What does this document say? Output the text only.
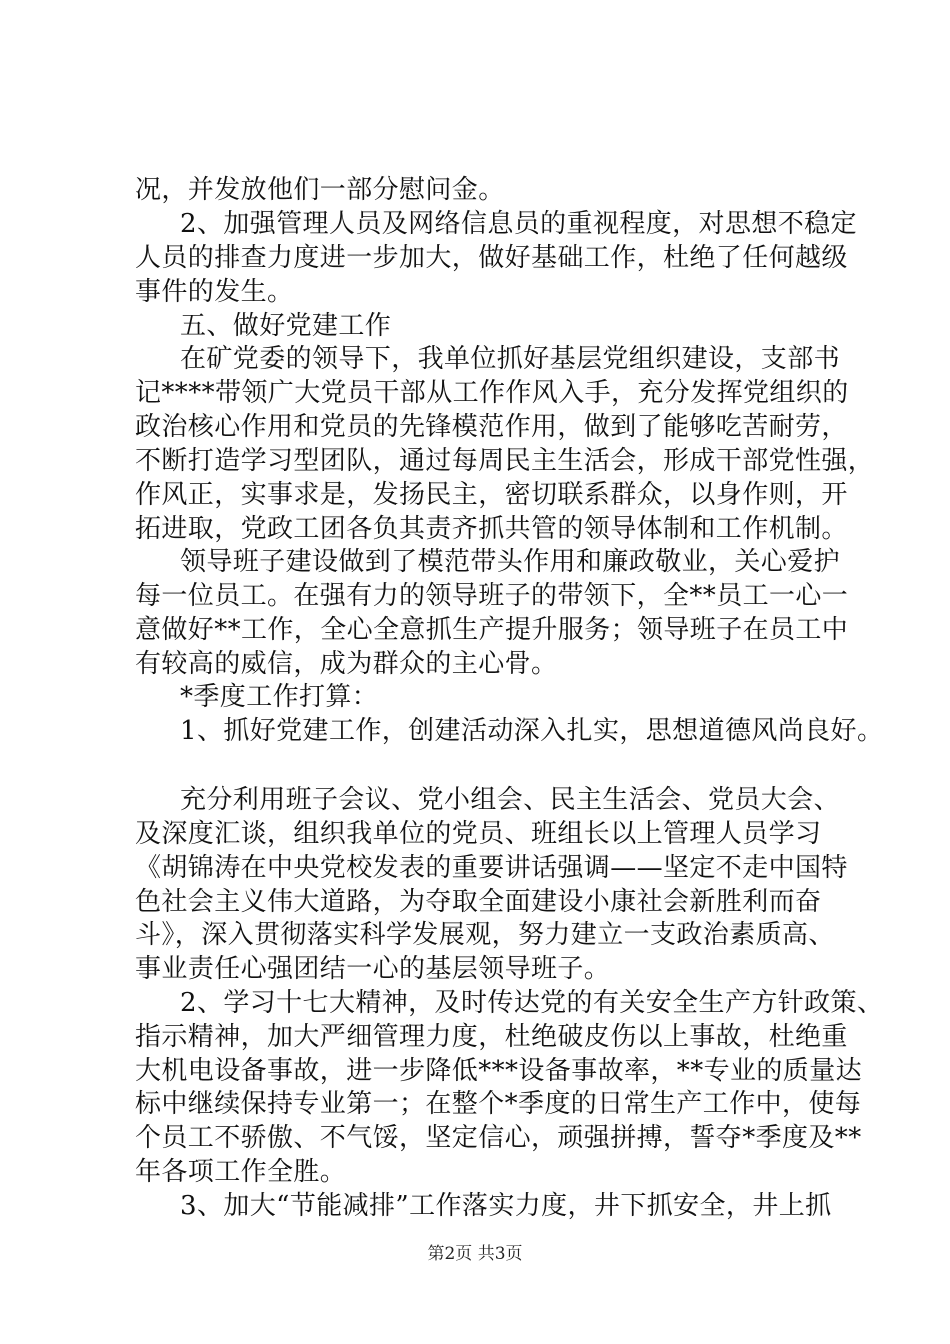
况，并发放他们一部分慰问金。
2、加强管理人员及网络信息员的重视程度，对思想不稳定
人员的排查力度进一步加大，做好基础工作，杜绝了任何越级
事件的发生。
五、做好党建工作
在矿党委的领导下，我单位抓好基层党组织建设，支部书
记****带领广大党员干部从工作作风入手，充分发挥党组织的
政治核心作用和党员的先锋模范作用，做到了能够吃苦耐劳，
不断打造学习型团队，通过每周民主生活会，形成干部党性强，
作风正，实事求是，发扬民主，密切联系群众，以身作则，开
拓进取，党政工团各负其责齐抓共管的领导体制和工作机制。
领导班子建设做到了模范带头作用和廉政敬业，关心爱护
每一位员工。在强有力的领导班子的带领下，全**员工一心一
意做好**工作，全心全意抓生产提升服务；领导班子在员工中
有较高的威信，成为群众的主心骨。
*季度工作打算：
1、抓好党建工作，创建活动深入扎实，思想道德风尚良好。
充分利用班子会议、党小组会、民主生活会、党员大会、
及深度汇谈，组织我单位的党员、班组长以上管理人员学习
《胡锦涛在中央党校发表的重要讲话强调——坚定不走中国特
色社会主义伟大道路，为夺取全面建设小康社会新胜利而奋
斗》，深入贯彻落实科学发展观，努力建立一支政治素质高、
事业责任心强团结一心的基层领导班子。
2、学习十七大精神，及时传达党的有关安全生产方针政策、
指示精神，加大严细管理力度，杜绝破皮伤以上事故，杜绝重
大机电设备事故，进一步降低***设备事故率，**专业的质量达
标中继续保持专业第一；在整个*季度的日常生产工作中，使每
个员工不骄傲、不气馁，坚定信心，顽强拼搏，誓夺*季度及**
年各项工作全胜。
3、加大“节能减排”工作落实力度，井下抓安全，井上抓
第2页 共3页
